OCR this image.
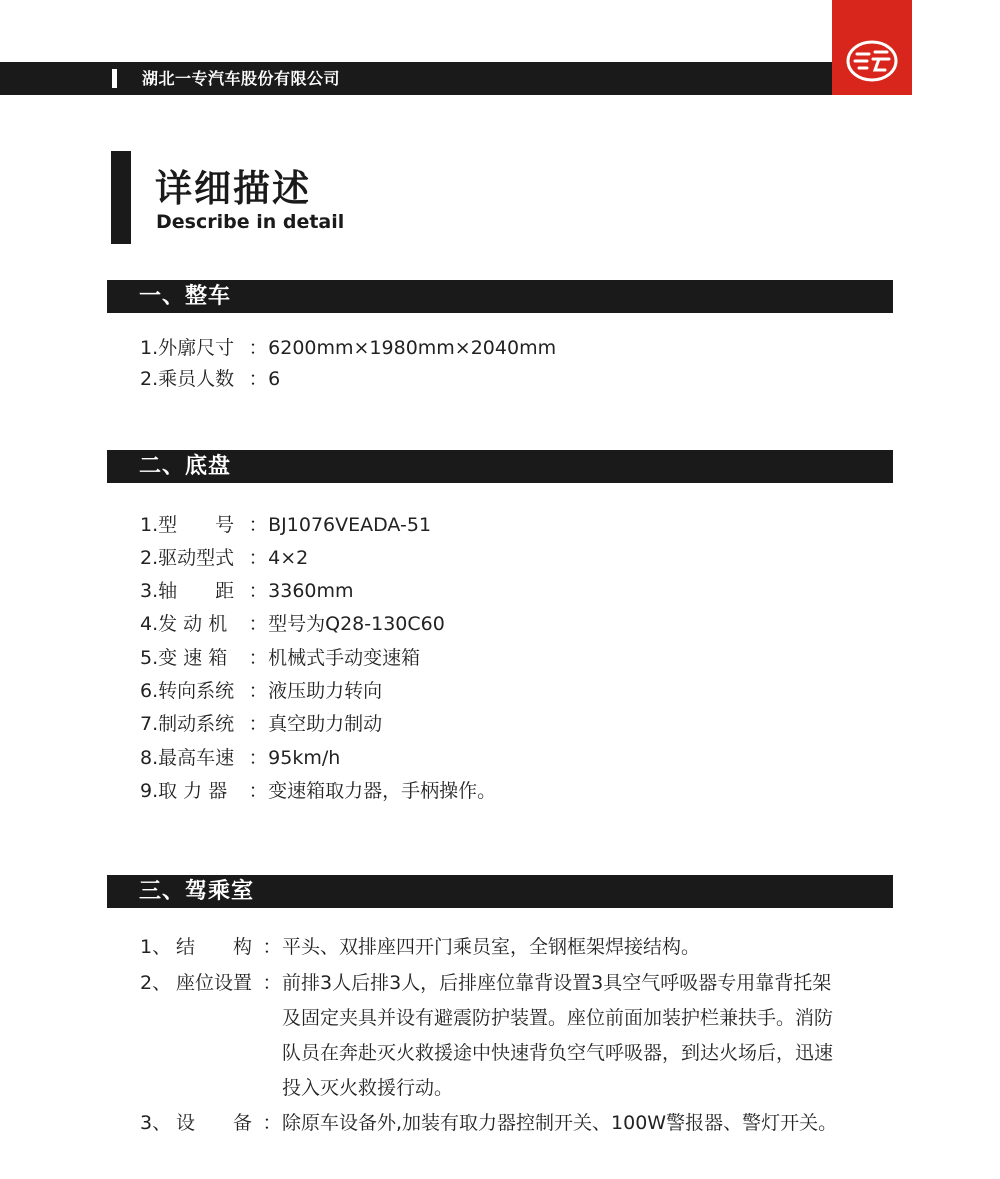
湖北一专汽车股份有限公司
详细描述
Describe in detail
一、整车
1.外廓尺寸 ：6200mm×1980mm×2040mm
2.乘员人数 ：6
二、底盘
1.型　　号 ：BJ1076VEADA-51
2.驱动型式 ：4×2
3.轴　　距 ：3360mm
4.发 动 机 ：型号为Q28-130C60
5.变 速 箱 ：机械式手动变速箱
6.转向系统 ：液压助力转向
7.制动系统 ：真空助力制动
8.最高车速 ：95km/h
9.取 力 器 ：变速箱取力器，手柄操作。
三、驾乘室
1、 结　　构 ：平头、双排座四开门乘员室，全钢框架焊接结构。
2、 座位设置 ：前排3人后排3人，后排座位靠背设置3具空气呼吸器专用靠背托架
及固定夹具并设有避震防护装置。座位前面加装护栏兼扶手。消防
队员在奔赴灭火救援途中快速背负空气呼吸器，到达火场后，迅速
投入灭火救援行动。
3、 设　　备 ：除原车设备外,加装有取力器控制开关、100W警报器、警灯开关。
